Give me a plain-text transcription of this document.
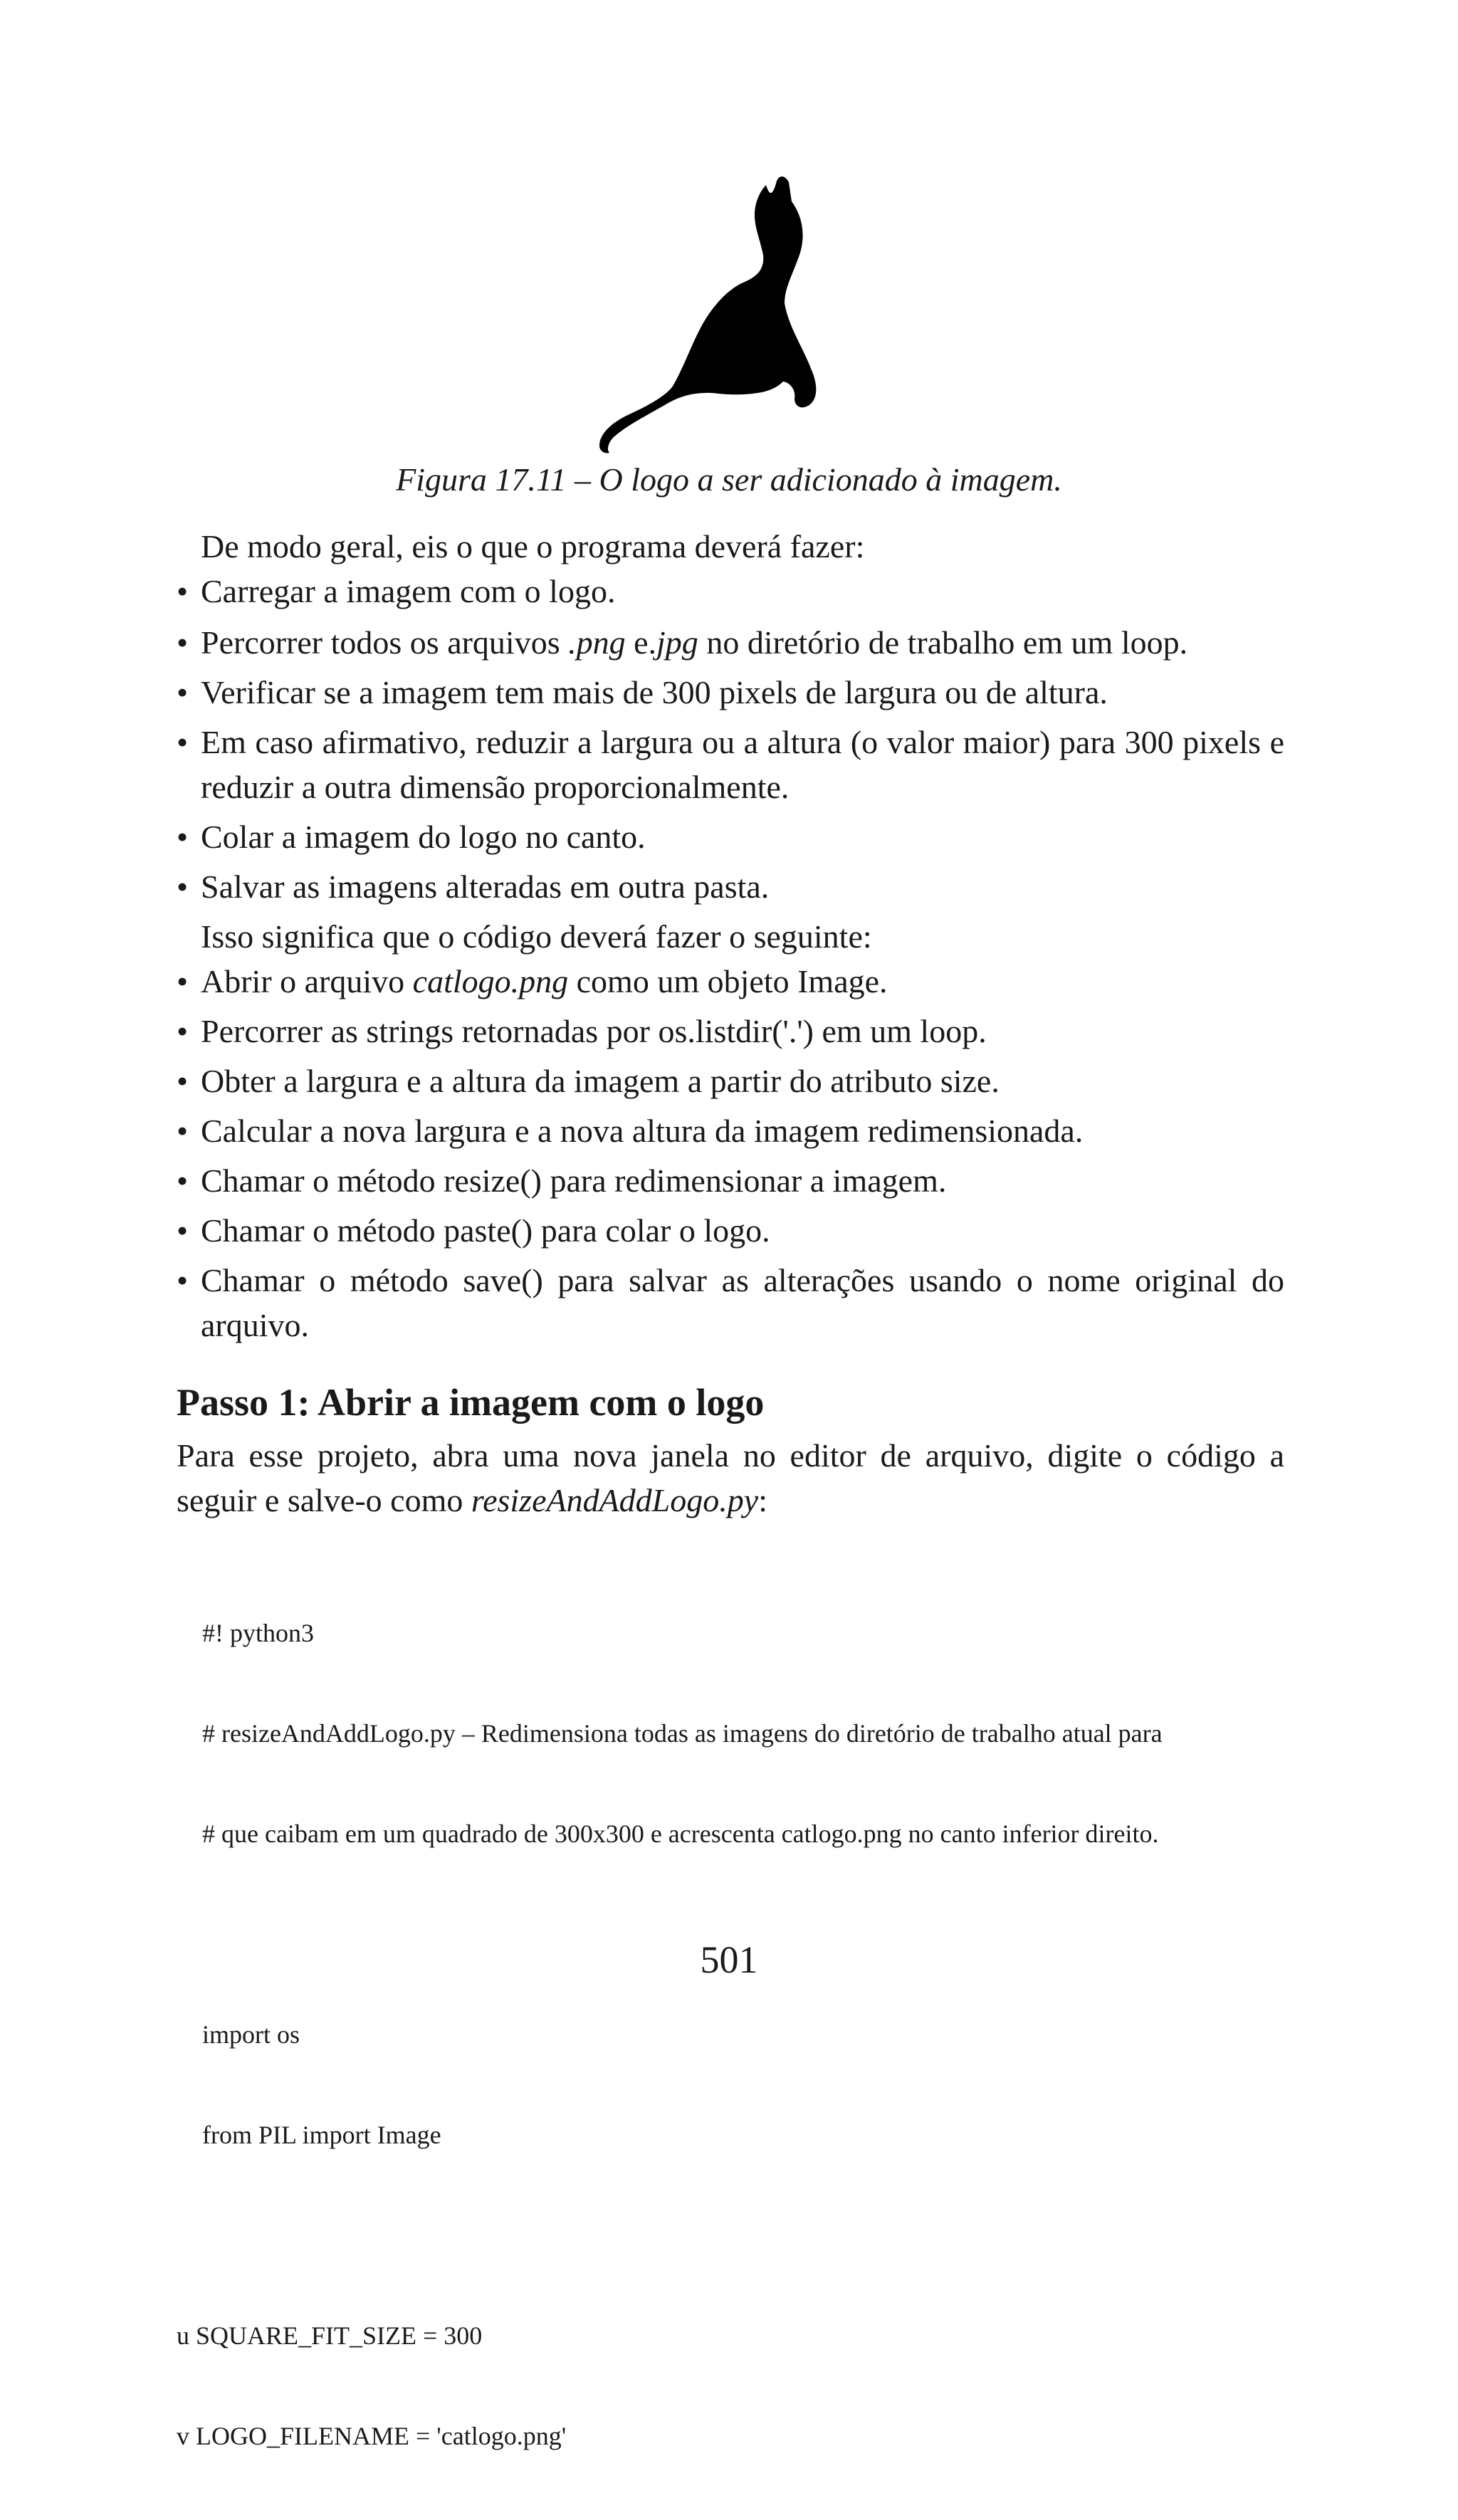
Figura 17.11 – O logo a ser adicionado à imagem.

De modo geral, eis o que o programa deverá fazer:

• Carregar a imagem com o logo.
• Percorrer todos os arquivos .png e.jpg no diretório de trabalho em um loop.
• Verificar se a imagem tem mais de 300 pixels de largura ou de altura.
• Em caso afirmativo, reduzir a largura ou a altura (o valor maior) para 300 pixels e reduzir a outra dimensão proporcionalmente.
• Colar a imagem do logo no canto.
• Salvar as imagens alteradas em outra pasta.

Isso significa que o código deverá fazer o seguinte:

• Abrir o arquivo catlogo.png como um objeto Image.
• Percorrer as strings retornadas por os.listdir('.') em um loop.
• Obter a largura e a altura da imagem a partir do atributo size.
• Calcular a nova largura e a nova altura da imagem redimensionada.
• Chamar o método resize() para redimensionar a imagem.
• Chamar o método paste() para colar o logo.
• Chamar o método save() para salvar as alterações usando o nome original do arquivo.
Passo 1: Abrir a imagem com o logo

Para esse projeto, abra uma nova janela no editor de arquivo, digite o código a seguir e salve-o como resizeAndAddLogo.py:

#! python3

# resizeAndAddLogo.py – Redimensiona todas as imagens do diretório de trabalho atual para

# que caibam em um quadrado de 300x300 e acrescenta catlogo.png no canto inferior direito.

import os

from PIL import Image

u SQUARE_FIT_SIZE = 300

v LOGO_FILENAME = 'catlogo.png'

501
